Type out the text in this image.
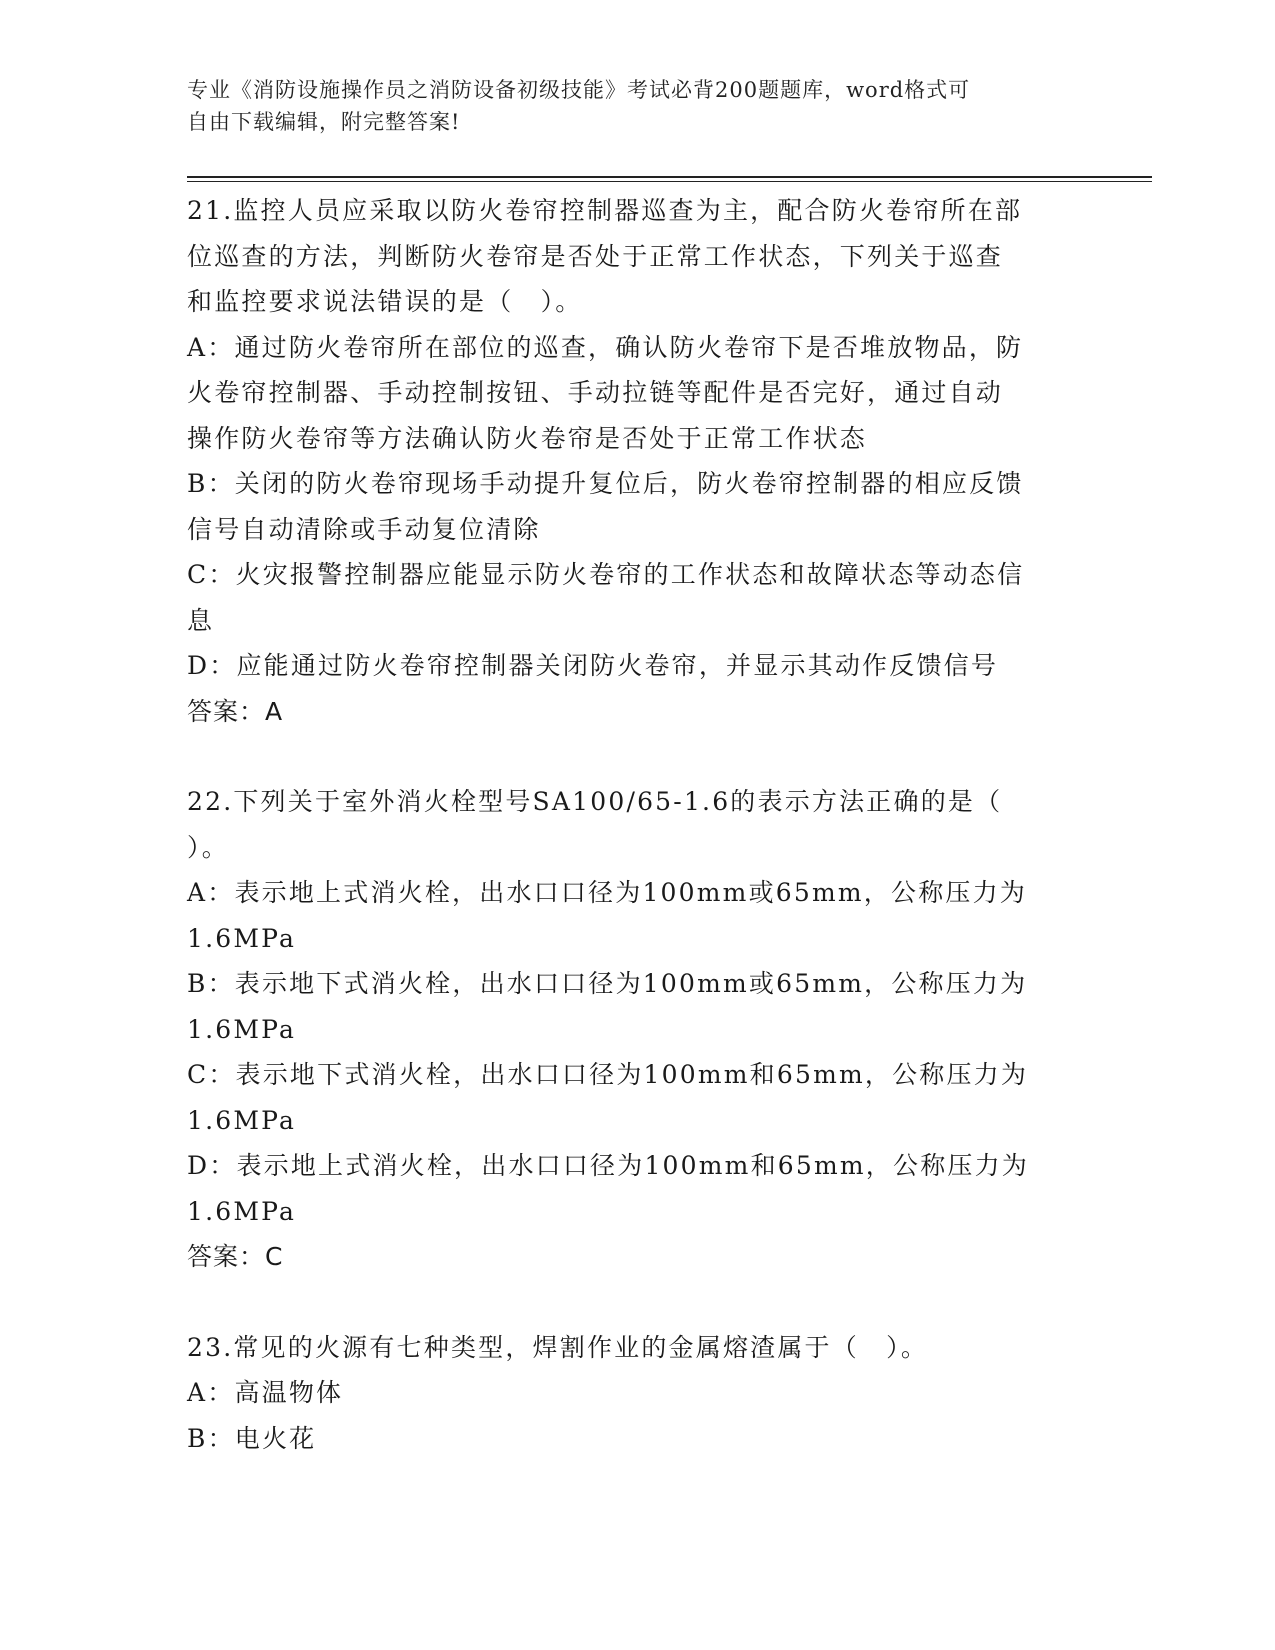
专业《消防设施操作员之消防设备初级技能》考试必背200题题库，word格式可
自由下载编辑，附完整答案!
21.监控人员应采取以防火卷帘控制器巡查为主，配合防火卷帘所在部
位巡查的方法，判断防火卷帘是否处于正常工作状态，下列关于巡查
和监控要求说法错误的是（　）。
A：通过防火卷帘所在部位的巡查，确认防火卷帘下是否堆放物品，防
火卷帘控制器、手动控制按钮、手动拉链等配件是否完好，通过自动
操作防火卷帘等方法确认防火卷帘是否处于正常工作状态
B：关闭的防火卷帘现场手动提升复位后，防火卷帘控制器的相应反馈
信号自动清除或手动复位清除
C：火灾报警控制器应能显示防火卷帘的工作状态和故障状态等动态信
息
D：应能通过防火卷帘控制器关闭防火卷帘，并显示其动作反馈信号
答案：A
22.下列关于室外消火栓型号SA100/65-1.6的表示方法正确的是（
）。
A：表示地上式消火栓，出水口口径为100mm或65mm，公称压力为
1.6MPa
B：表示地下式消火栓，出水口口径为100mm或65mm，公称压力为
1.6MPa
C：表示地下式消火栓，出水口口径为100mm和65mm，公称压力为
1.6MPa
D：表示地上式消火栓，出水口口径为100mm和65mm，公称压力为
1.6MPa
答案：C
23.常见的火源有七种类型，焊割作业的金属熔渣属于（　）。
A：高温物体
B：电火花
